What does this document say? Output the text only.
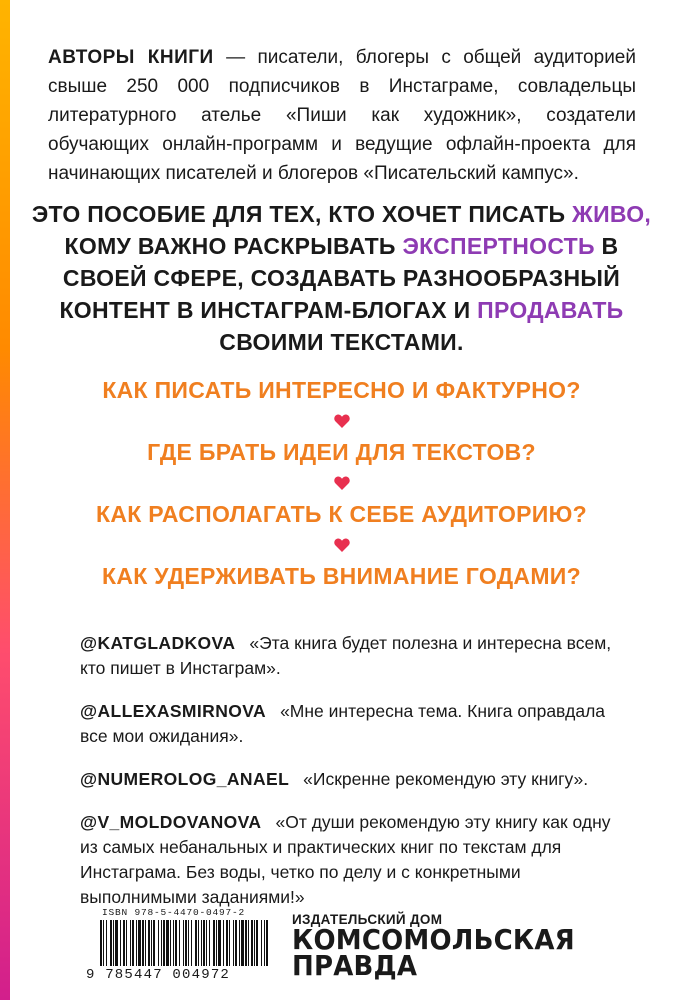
АВТОРЫ КНИГИ — писатели, блогеры с общей аудиторией свыше 250 000 подписчиков в Инстаграме, совладельцы литературного ателье «Пиши как художник», создатели обучающих онлайн-программ и ведущие офлайн-проекта для начинающих писателей и блогеров «Писательский кампус».

ЭТО ПОСОБИЕ ДЛЯ ТЕХ, КТО ХОЧЕТ ПИСАТЬ ЖИВО, КОМУ ВАЖНО РАСКРЫВАТЬ ЭКСПЕРТНОСТЬ В СВОЕЙ СФЕРЕ, СОЗДАВАТЬ РАЗНООБРАЗНЫЙ КОНТЕНТ В ИНСТАГРАМ-БЛОГАХ И ПРОДАВАТЬ СВОИМИ ТЕКСТАМИ.

КАК ПИСАТЬ ИНТЕРЕСНО И ФАКТУРНО?

ГДЕ БРАТЬ ИДЕИ ДЛЯ ТЕКСТОВ?

КАК РАСПОЛАГАТЬ К СЕБЕ АУДИТОРИЮ?

КАК УДЕРЖИВАТЬ ВНИМАНИЕ ГОДАМИ?

@KATGLADKOVA «Эта книга будет полезна и интересна всем, кто пишет в Инстаграм».

@ALLEXASMIRNOVA «Мне интересна тема. Книга оправдала все мои ожидания».

@NUMEROLOG_ANAEL «Искренне рекомендую эту книгу».

@V_MOLDOVANOVA «От души рекомендую эту книгу как одну из самых небанальных и практических книг по текстам для Инстаграма. Без воды, четко по делу и с конкретными выполнимыми заданиями!»

ISBN 978-5-4470-0497-2
9 785447 004972

ИЗДАТЕЛЬСКИЙ ДОМ

КОМСОМОЛЬСКАЯ

ПРАВДА
